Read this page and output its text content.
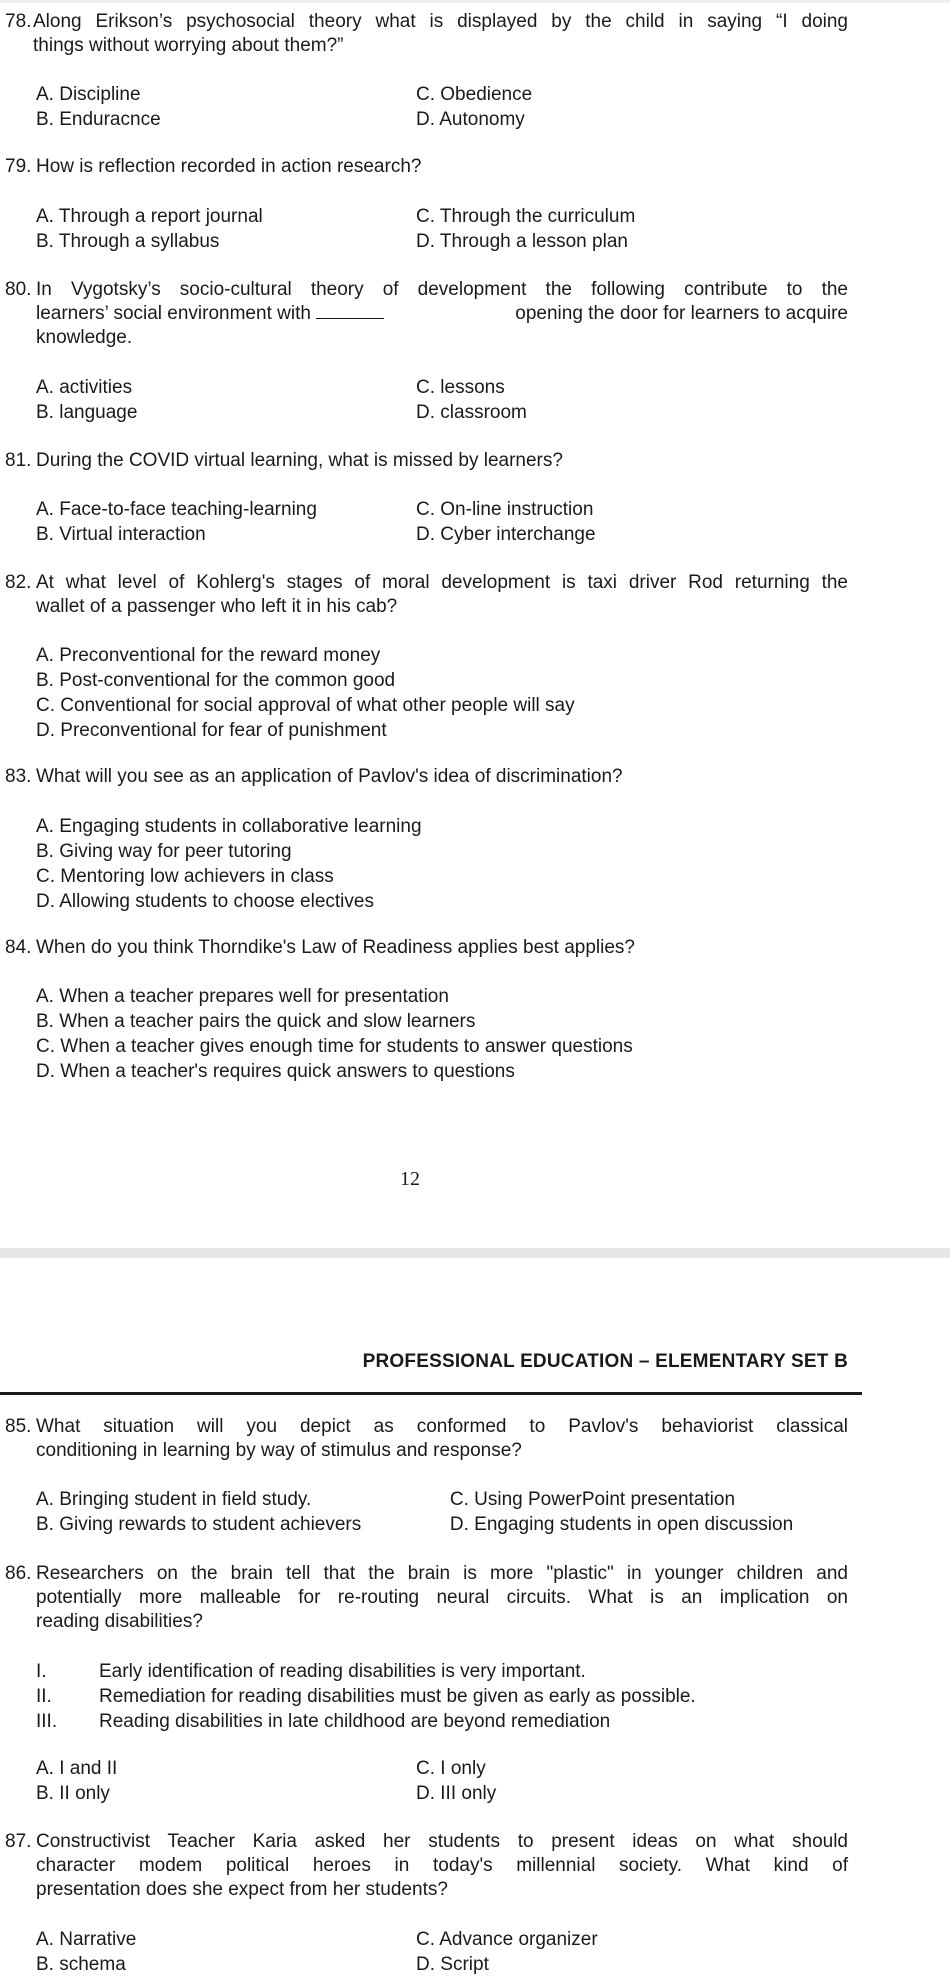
78. Along Erikson’s psychosocial theory what is displayed by the child in saying “I doing
things without worrying about them?”
A. Discipline	C. Obedience
B. Enduracnce	D. Autonomy
79. How is reflection recorded in action research?
A. Through a report journal	C. Through the curriculum
B. Through a syllabus	D. Through a lesson plan
80. In Vygotsky’s socio-cultural theory of development the following contribute to the
learners’ social environment with	opening the door for learners to acquire
knowledge.
A. activities	C. lessons
B. language	D. classroom
81. During the COVID virtual learning, what is missed by learners?
A. Face-to-face teaching-learning	C. On-line instruction
B. Virtual interaction	D. Cyber interchange
82. At what level of Kohlerg's stages of moral development is taxi driver Rod returning the
wallet of a passenger who left it in his cab?
A. Preconventional for the reward money
B. Post-conventional for the common good
C. Conventional for social approval of what other people will say
D. Preconventional for fear of punishment
83. What will you see as an application of Pavlov's idea of discrimination?
A. Engaging students in collaborative learning
B. Giving way for peer tutoring
C. Mentoring low achievers in class
D. Allowing students to choose electives
84. When do you think Thorndike's Law of Readiness applies best applies?
A. When a teacher prepares well for presentation
B. When a teacher pairs the quick and slow learners
C. When a teacher gives enough time for students to answer questions
D. When a teacher's requires quick answers to questions
12
PROFESSIONAL EDUCATION – ELEMENTARY SET B
85. What situation will you depict as conformed to Pavlov's behaviorist classical
conditioning in learning by way of stimulus and response?
A. Bringing student in field study.	C. Using PowerPoint presentation
B. Giving rewards to student achievers	D. Engaging students in open discussion
86. Researchers on the brain tell that the brain is more "plastic" in younger children and
potentially more malleable for re-routing neural circuits. What is an implication on
reading disabilities?
I.	Early identification of reading disabilities is very important.
II.	Remediation for reading disabilities must be given as early as possible.
III.	Reading disabilities in late childhood are beyond remediation
A. I and II	C. I only
B. II only	D. III only
87. Constructivist Teacher Karia asked her students to present ideas on what should
character modem political heroes in today's millennial society. What kind of
presentation does she expect from her students?
A. Narrative	C. Advance organizer
B. schema	D. Script
